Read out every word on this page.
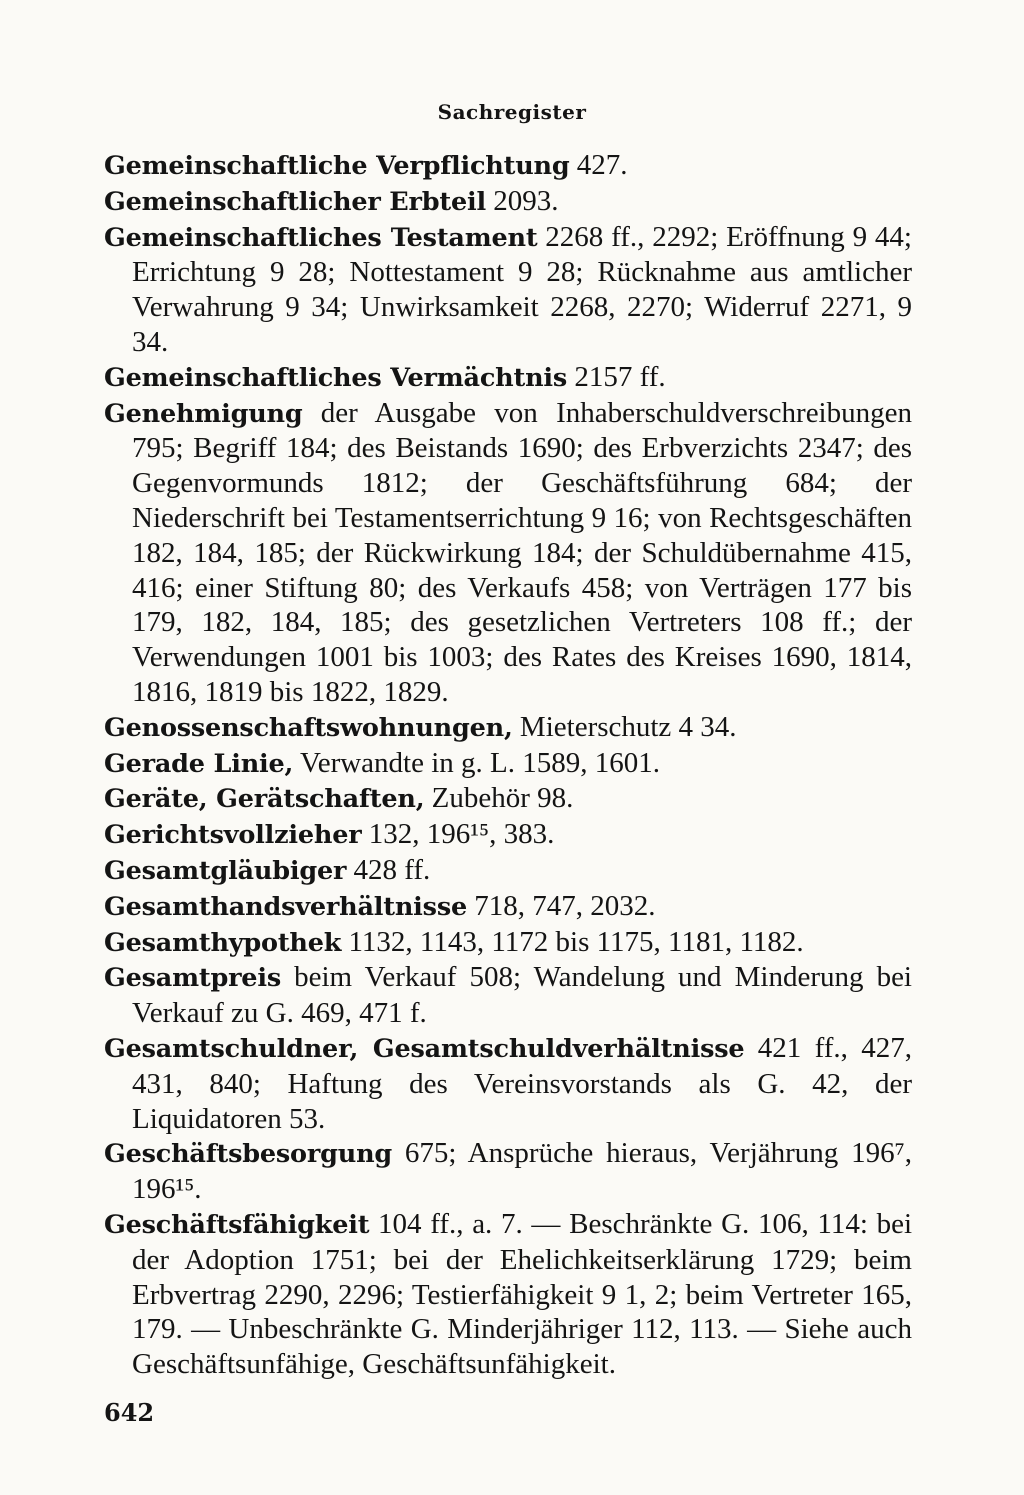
Sachregister

Gemeinschaftliche Verpflichtung 427.

Gemeinschaftlicher Erbteil 2093.

Gemeinschaftliches Testament 2268 ff., 2292; Eröffnung 9 44; Errichtung 9 28; Nottestament 9 28; Rücknahme aus amtlicher Verwahrung 9 34; Unwirksamkeit 2268, 2270; Widerruf 2271, 9 34.

Gemeinschaftliches Vermächtnis 2157 ff.

Genehmigung der Ausgabe von Inhaberschuldverschreibungen 795; Begriff 184; des Beistands 1690; des Erbverzichts 2347; des Gegenvormunds 1812; der Geschäftsführung 684; der Niederschrift bei Testamentserrichtung 9 16; von Rechtsgeschäften 182, 184, 185; der Rückwirkung 184; der Schuldübernahme 415, 416; einer Stiftung 80; des Verkaufs 458; von Verträgen 177 bis 179, 182, 184, 185; des gesetzlichen Vertreters 108 ff.; der Verwendungen 1001 bis 1003; des Rates des Kreises 1690, 1814, 1816, 1819 bis 1822, 1829.

Genossenschaftswohnungen, Mieterschutz 4 34.

Gerade Linie, Verwandte in g. L. 1589, 1601.

Geräte, Gerätschaften, Zubehör 98.

Gerichtsvollzieher 132, 196¹⁵, 383.

Gesamtgläubiger 428 ff.

Gesamthandsverhältnisse 718, 747, 2032.

Gesamthypothek 1132, 1143, 1172 bis 1175, 1181, 1182.

Gesamtpreis beim Verkauf 508; Wandelung und Minderung bei Verkauf zu G. 469, 471 f.

Gesamtschuldner, Gesamtschuldverhältnisse 421 ff., 427, 431, 840; Haftung des Vereinsvorstands als G. 42, der Liquidatoren 53.

Geschäftsbesorgung 675; Ansprüche hieraus, Verjährung 196⁷, 196¹⁵.

Geschäftsfähigkeit 104 ff., a. 7. — Beschränkte G. 106, 114: bei der Adoption 1751; bei der Ehelichkeitserklärung 1729; beim Erbvertrag 2290, 2296; Testierfähigkeit 9 1, 2; beim Vertreter 165, 179. — Unbeschränkte G. Minderjähriger 112, 113. — Siehe auch Geschäftsunfähige, Geschäftsunfähigkeit.

642
